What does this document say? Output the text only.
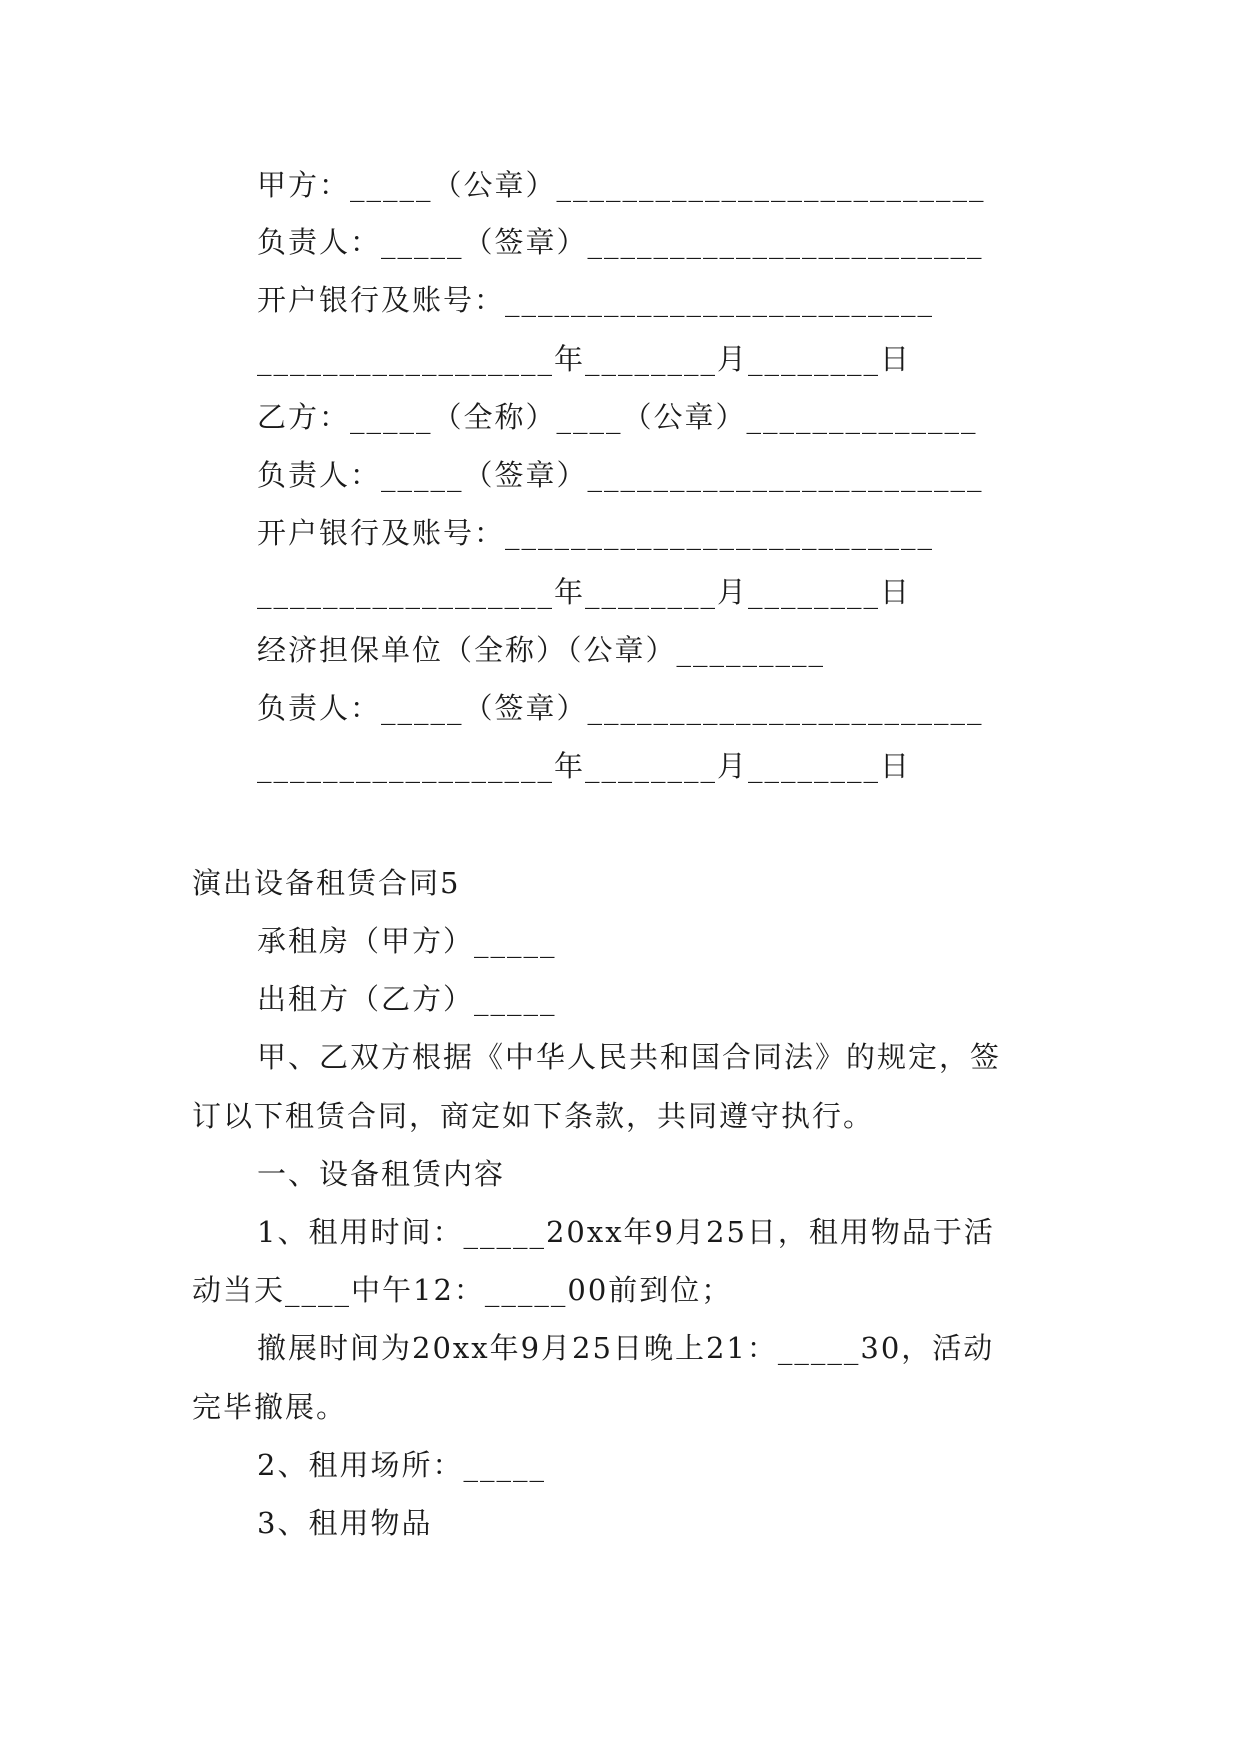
甲方：_____（公章）__________________________
负责人：_____（签章）________________________
开户银行及账号：__________________________
__________________年________月________日
乙方：_____（全称）____（公章）______________
负责人：_____（签章）________________________
开户银行及账号：__________________________
__________________年________月________日
经济担保单位（全称）（公章）_________
负责人：_____（签章）________________________
__________________年________月________日
演出设备租赁合同5
承租房（甲方）_____
出租方（乙方）_____
甲、乙双方根据《中华人民共和国合同法》的规定，签
订以下租赁合同，商定如下条款，共同遵守执行。
一、设备租赁内容
1、租用时间：_____20xx年9月25日，租用物品于活
动当天____中午12：_____00前到位；
撤展时间为20xx年9月25日晚上21：_____30，活动
完毕撤展。
2、租用场所：_____
3、租用物品
